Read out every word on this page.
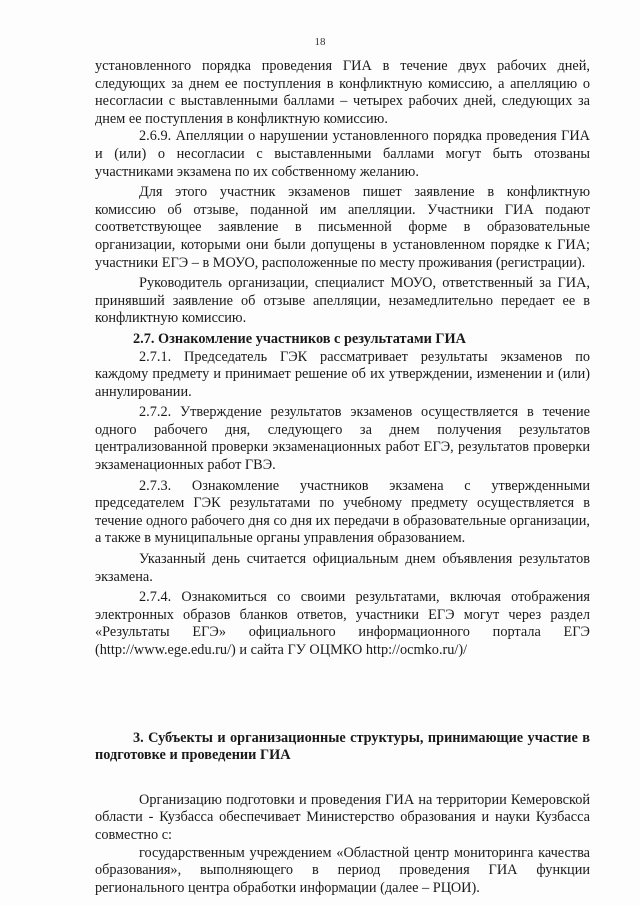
18

установленного порядка проведения ГИА в течение двух рабочих дней, следующих за днем ее поступления в конфликтную комиссию, а апелляцию о несогласии с выставленными баллами – четырех рабочих дней, следующих за днем ее поступления в конфликтную комиссию.

2.6.9. Апелляции о нарушении установленного порядка проведения ГИА и (или) о несогласии с выставленными баллами могут быть отозваны участниками экзамена по их собственному желанию.

Для этого участник экзаменов пишет заявление в конфликтную комиссию об отзыве, поданной им апелляции. Участники ГИА подают соответствующее заявление в письменной форме в образовательные организации, которыми они были допущены в установленном порядке к ГИА; участники ЕГЭ – в МОУО, расположенные по месту проживания (регистрации).

Руководитель организации, специалист МОУО, ответственный за ГИА, принявший заявление об отзыве апелляции, незамедлительно передает ее в конфликтную комиссию.

2.7. Ознакомление участников с результатами ГИА

2.7.1. Председатель ГЭК рассматривает результаты экзаменов по каждому предмету и принимает решение об их утверждении, изменении и (или) аннулировании.

2.7.2. Утверждение результатов экзаменов осуществляется в течение одного рабочего дня, следующего за днем получения результатов централизованной проверки экзаменационных работ ЕГЭ, результатов проверки экзаменационных работ ГВЭ.

2.7.3. Ознакомление участников экзамена с утвержденными председателем ГЭК результатами по учебному предмету осуществляется в течение одного рабочего дня со дня их передачи в образовательные организации, а также в муниципальные органы управления образованием.

Указанный день считается официальным днем объявления результатов экзамена.

2.7.4. Ознакомиться со своими результатами, включая отображения электронных образов бланков ответов, участники ЕГЭ могут через раздел «Результаты ЕГЭ» официального информационного портала ЕГЭ (http://www.ege.edu.ru/) и сайта ГУ ОЦМКО http://ocmko.ru/)/

3. Субъекты и организационные структуры, принимающие участие в подготовке и проведении ГИА

Организацию подготовки и проведения ГИА на территории Кемеровской области - Кузбасса обеспечивает Министерство образования и науки Кузбасса совместно с:

государственным учреждением «Областной центр мониторинга качества образования», выполняющего в период проведения ГИА функции регионального центра обработки информации (далее – РЦОИ).
